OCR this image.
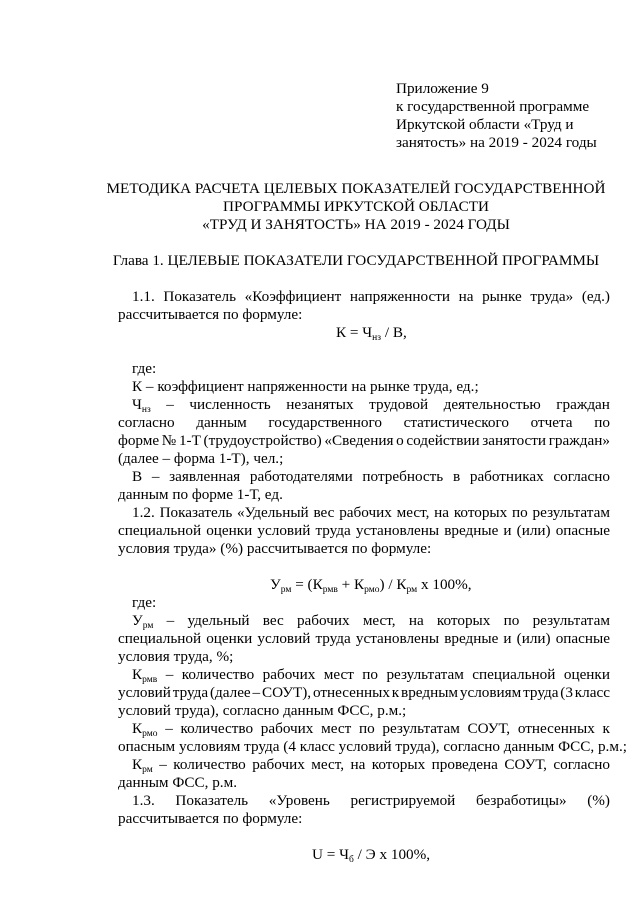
Приложение 9
к государственной программе
Иркутской области «Труд и
занятость» на 2019 - 2024 годы
МЕТОДИКА РАСЧЕТА ЦЕЛЕВЫХ ПОКАЗАТЕЛЕЙ ГОСУДАРСТВЕННОЙ
ПРОГРАММЫ ИРКУТСКОЙ ОБЛАСТИ
«ТРУД И ЗАНЯТОСТЬ» НА 2019 - 2024 ГОДЫ
Глава 1. ЦЕЛЕВЫЕ ПОКАЗАТЕЛИ ГОСУДАРСТВЕННОЙ ПРОГРАММЫ
1.1. Показатель «Коэффициент напряженности на рынке труда» (ед.)
рассчитывается по формуле:
$К = Ч_{нз} / В$,
где:
К – коэффициент напряженности на рынке труда, ед.;
$Ч_{нз}$ – численность незанятых трудовой деятельностью граждан
согласно данным государственного статистического отчета по
форме № 1-Т (трудоустройство) «Сведения о содействии занятости граждан»
(далее – форма 1-Т), чел.;
В – заявленная работодателями потребность в работниках согласно
данным по форме 1-Т, ед.
1.2. Показатель «Удельный вес рабочих мест, на которых по результатам
специальной оценки условий труда установлены вредные и (или) опасные
условия труда» (%) рассчитывается по формуле:
$У_{рм} = (К_{рмв} + К_{рмо}) / К_{рм}$ х 100%,
где:
$У_{рм}$ – удельный вес рабочих мест, на которых по результатам
специальной оценки условий труда установлены вредные и (или) опасные
условия труда, %;
$К_{рмв}$ – количество рабочих мест по результатам специальной оценки
условий труда (далее – СОУТ), отнесенных к вредным условиям труда (3 класс
условий труда), согласно данным ФСС, р.м.;
$К_{рмо}$ – количество рабочих мест по результатам СОУТ, отнесенных к
опасным условиям труда (4 класс условий труда), согласно данным ФСС, р.м.;
$К_{рм}$ – количество рабочих мест, на которых проведена СОУТ, согласно
данным ФСС, р.м.
1.3. Показатель «Уровень регистрируемой безработицы» (%)
рассчитывается по формуле:
$U = Ч_б / Э$ х 100%,
